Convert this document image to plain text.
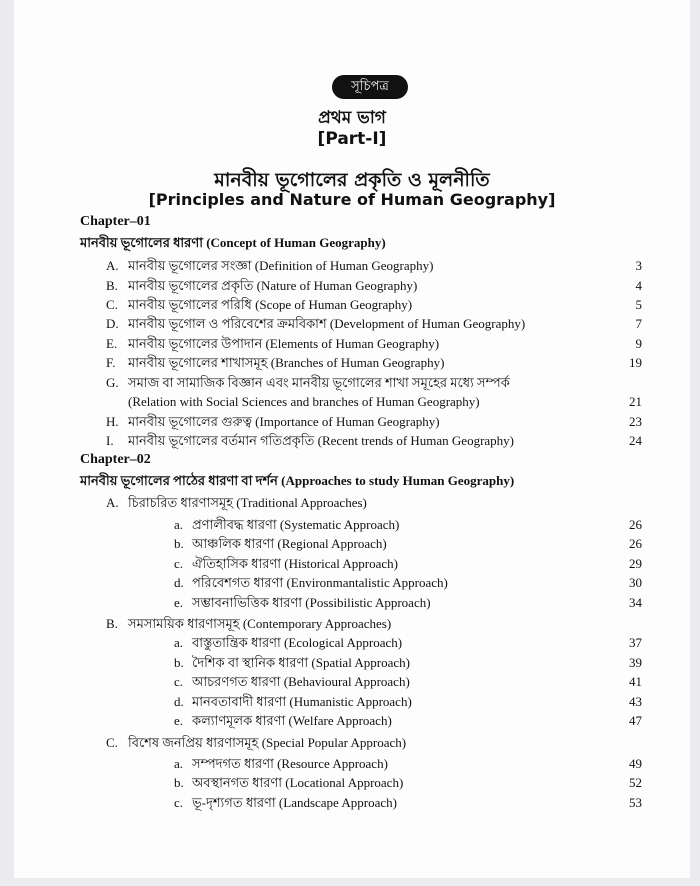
সূচিপত্র
প্রথম ভাগ
[Part-I]
মানবীয় ভূগোলের প্রকৃতি ও মূলনীতি
[Principles and Nature of Human Geography]
Chapter–01
মানবীয় ভূগোলের ধারণা (Concept of Human Geography)
A. মানবীয় ভূগোলের সংজ্ঞা (Definition of Human Geography)	3
B. মানবীয় ভূগোলের প্রকৃতি (Nature of Human Geography)	4
C. মানবীয় ভূগোলের পরিধি (Scope of Human Geography)	5
D. মানবীয় ভূগোল ও পরিবেশের ক্রমবিকাশ (Development of Human Geography)	7
E. মানবীয় ভূগোলের উপাদান (Elements of Human Geography)	9
F. মানবীয় ভূগোলের শাখাসমূহ (Branches of Human Geography)	19
G. সমাজ বা সামাজিক বিজ্ঞান এবং মানবীয় ভূগোলের শাখা সমূহের মধ্যে সম্পর্ক
(Relation with Social Sciences and branches of Human Geography)	21
H. মানবীয় ভূগোলের গুরুত্ব (Importance of Human Geography)	23
I. মানবীয় ভূগোলের বর্তমান গতিপ্রকৃতি (Recent trends of Human Geography)	24
Chapter–02
মানবীয় ভূগোলের পাঠের ধারণা বা দর্শন (Approaches to study Human Geography)
A. চিরাচরিত ধারণাসমূহ (Traditional Approaches)
a. প্রণালীবদ্ধ ধারণা (Systematic Approach)	26
b. আঞ্চলিক ধারণা (Regional Approach)	26
c. ঐতিহাসিক ধারণা (Historical Approach)	29
d. পরিবেশগত ধারণা (Environmantalistic Approach)	30
e. সম্ভাবনাভিত্তিক ধারণা (Possibilistic Approach)	34
B. সমসাময়িক ধারণাসমূহ (Contemporary Approaches)
a. বাস্তুতান্ত্রিক ধারণা (Ecological Approach)	37
b. দৈশিক বা স্থানিক ধারণা (Spatial Approach)	39
c. আচরণগত ধারণা (Behavioural Approach)	41
d. মানবতাবাদী ধারণা (Humanistic Approach)	43
e. কল্যাণমূলক ধারণা (Welfare Approach)	47
C. বিশেষ জনপ্রিয় ধারণাসমূহ (Special Popular Approach)
a. সম্পদগত ধারণা (Resource Approach)	49
b. অবস্থানগত ধারণা (Locational Approach)	52
c. ভূ-দৃশ্যগত ধারণা (Landscape Approach)	53
